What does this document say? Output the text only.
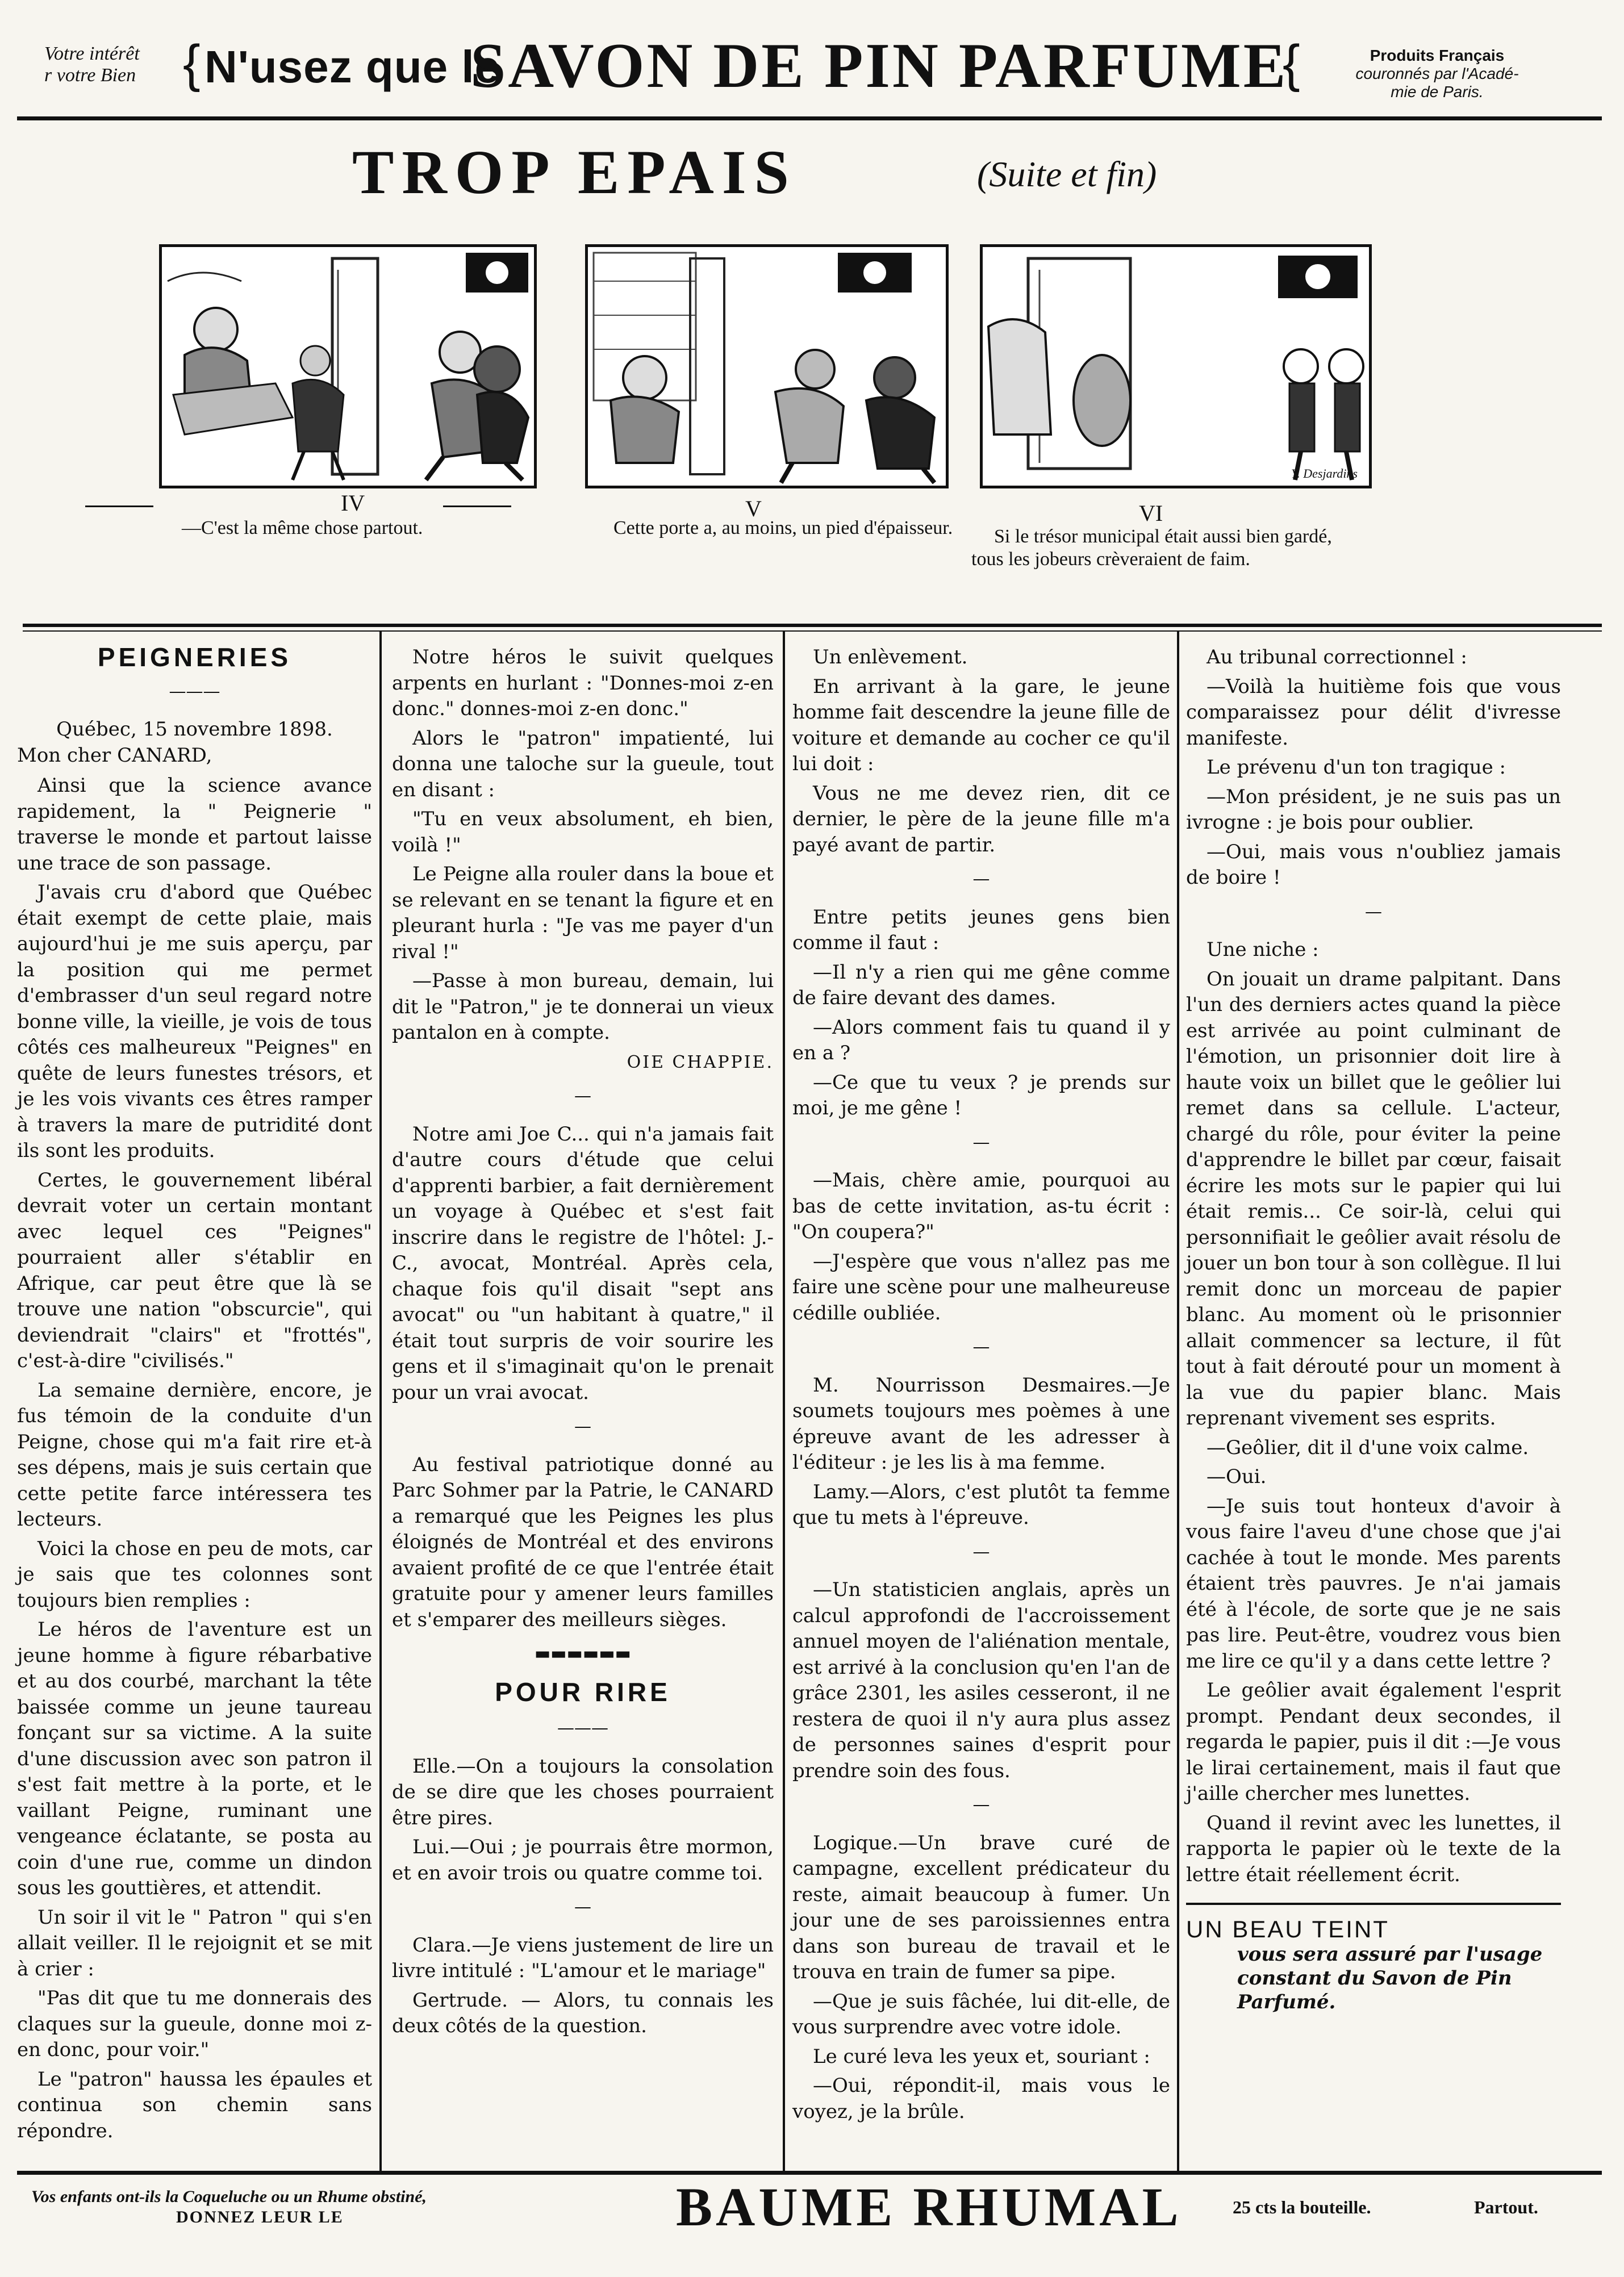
Votre intérêt
r votre Bien { N'usez que le
SAVON DE PIN PARFUME
{	Produits Français
couronnés par l'Acadé-
mie de Paris.
TROP EPAIS	(Suite et fin)
Y. Desjardins
IV
—C'est la même chose partout.
V
Cette porte a, au moins, un pied d'épaisseur.
VI
Si le trésor municipal était aussi bien gardé, tous les jobeurs crèveraient de faim.
PEIGNERIES
———
Québec, 15 novembre 1898.
Mon cher CANARD,

Ainsi que la science avance rapidement, la " Peignerie " traverse le monde et partout laisse une trace de son passage.

J'avais cru d'abord que Québec était exempt de cette plaie, mais aujourd'hui je me suis aperçu, par la position qui me permet d'embrasser d'un seul regard notre bonne ville, la vieille, je vois de tous côtés ces malheureux "Peignes" en quête de leurs funestes trésors, et je les vois vivants ces êtres ramper à travers la mare de putridité dont ils sont les produits.

Certes, le gouvernement libéral devrait voter un certain montant avec lequel ces "Peignes" pourraient aller s'établir en Afrique, car peut être que là se trouve une nation "obscurcie", qui deviendrait "clairs" et "frottés", c'est-à-dire "civilisés."

La semaine dernière, encore, je fus témoin de la conduite d'un Peigne, chose qui m'a fait rire et-à ses dépens, mais je suis certain que cette petite farce intéressera tes lecteurs.

Voici la chose en peu de mots, car je sais que tes colonnes sont toujours bien remplies :

Le héros de l'aventure est un jeune homme à figure rébarbative et au dos courbé, marchant la tête baissée comme un jeune taureau fonçant sur sa victime. A la suite d'une discussion avec son patron il s'est fait mettre à la porte, et le vaillant Peigne, ruminant une vengeance éclatante, se posta au coin d'une rue, comme un dindon sous les gouttières, et attendit.

Un soir il vit le " Patron " qui s'en allait veiller. Il le rejoignit et se mit à crier :

"Pas dit que tu me donnerais des claques sur la gueule, donne moi z-en donc, pour voir."

Le "patron" haussa les épaules et continua son chemin sans répondre.

Notre héros le suivit quelques arpents en hurlant : "Donnes-moi z-en donc." donnes-moi z-en donc."

Alors le "patron" impatienté, lui donna une taloche sur la gueule, tout en disant :

"Tu en veux absolument, eh bien, voilà !"

Le Peigne alla rouler dans la boue et se relevant en se tenant la figure et en pleurant hurla : "Je vas me payer d'un rival !"

—Passe à mon bureau, demain, lui dit le "Patron," je te donnerai un vieux pantalon en à compte.

OIE CHAPPIE.
—

Notre ami Joe C... qui n'a jamais fait d'autre cours d'étude que celui d'apprenti barbier, a fait dernièrement un voyage à Québec et s'est fait inscrire dans le registre de l'hôtel: J.-C., avocat, Montréal. Après cela, chaque fois qu'il disait "sept ans avocat" ou "un habitant à quatre," il était tout surpris de voir sourire les gens et il s'imaginait qu'on le prenait pour un vrai avocat.

—

Au festival patriotique donné au Parc Sohmer par la Patrie, le CANARD a remarqué que les Peignes les plus éloignés de Montréal et des environs avaient profité de ce que l'entrée était gratuite pour y amener leurs familles et s'emparer des meilleurs sièges.

▬▬▬▬▬▬
POUR RIRE
———

Elle.—On a toujours la consolation de se dire que les choses pourraient être pires.

Lui.—Oui ; je pourrais être mormon, et en avoir trois ou quatre comme toi.

—

Clara.—Je viens justement de lire un livre intitulé : "L'amour et le mariage"

Gertrude. — Alors, tu connais les deux côtés de la question.

Un enlèvement.

En arrivant à la gare, le jeune homme fait descendre la jeune fille de voiture et demande au cocher ce qu'il lui doit :

Vous ne me devez rien, dit ce dernier, le père de la jeune fille m'a payé avant de partir.

—

Entre petits jeunes gens bien comme il faut :

—Il n'y a rien qui me gêne comme de faire devant des dames.

—Alors comment fais tu quand il y en a ?

—Ce que tu veux ? je prends sur moi, je me gêne !

—

—Mais, chère amie, pourquoi au bas de cette invitation, as-tu écrit : "On coupera?"

—J'espère que vous n'allez pas me faire une scène pour une malheureuse cédille oubliée.

—

M. Nourrisson Desmaires.—Je soumets toujours mes poèmes à une épreuve avant de les adresser à l'éditeur : je les lis à ma femme.

Lamy.—Alors, c'est plutôt ta femme que tu mets à l'épreuve.

—

—Un statisticien anglais, après un calcul approfondi de l'accroissement annuel moyen de l'aliénation mentale, est arrivé à la conclusion qu'en l'an de grâce 2301, les asiles cesseront, il ne restera de quoi il n'y aura plus assez de personnes saines d'esprit pour prendre soin des fous.

—

Logique.—Un brave curé de campagne, excellent prédicateur du reste, aimait beaucoup à fumer. Un jour une de ses paroissiennes entra dans son bureau de travail et le trouva en train de fumer sa pipe.

—Que je suis fâchée, lui dit-elle, de vous surprendre avec votre idole.

Le curé leva les yeux et, souriant :

—Oui, répondit-il, mais vous le voyez, je la brûle.

Au tribunal correctionnel :

—Voilà la huitième fois que vous comparaissez pour délit d'ivresse manifeste.

Le prévenu d'un ton tragique :

—Mon président, je ne suis pas un ivrogne : je bois pour oublier.

—Oui, mais vous n'oubliez jamais de boire !

—

Une niche :

On jouait un drame palpitant. Dans l'un des derniers actes quand la pièce est arrivée au point culminant de l'émotion, un prisonnier doit lire à haute voix un billet que le geôlier lui remet dans sa cellule. L'acteur, chargé du rôle, pour éviter la peine d'apprendre le billet par cœur, faisait écrire les mots sur le papier qui lui était remis... Ce soir-là, celui qui personnifiait le geôlier avait résolu de jouer un bon tour à son collègue. Il lui remit donc un morceau de papier blanc. Au moment où le prisonnier allait commencer sa lecture, il fût tout à fait dérouté pour un moment à la vue du papier blanc. Mais reprenant vivement ses esprits.

—Geôlier, dit il d'une voix calme.

—Oui.

—Je suis tout honteux d'avoir à vous faire l'aveu d'une chose que j'ai cachée à tout le monde. Mes parents étaient très pauvres. Je n'ai jamais été à l'école, de sorte que je ne sais pas lire. Peut-être, voudrez vous bien me lire ce qu'il y a dans cette lettre ?

Le geôlier avait également l'esprit prompt. Pendant deux secondes, il regarda le papier, puis il dit :—Je vous le lirai certainement, mais il faut que j'aille chercher mes lunettes.

Quand il revint avec les lunettes, il rapporta le papier où le texte de la lettre était réellement écrit.

UN BEAU TEINT
vous sera assuré par l'usage constant du Savon de Pin Parfumé.
Vos enfants ont-ils la Coqueluche ou un Rhume obstiné,
DONNEZ LEUR LE	BAUME RHUMAL	25 cts la bouteille.	Partout.
